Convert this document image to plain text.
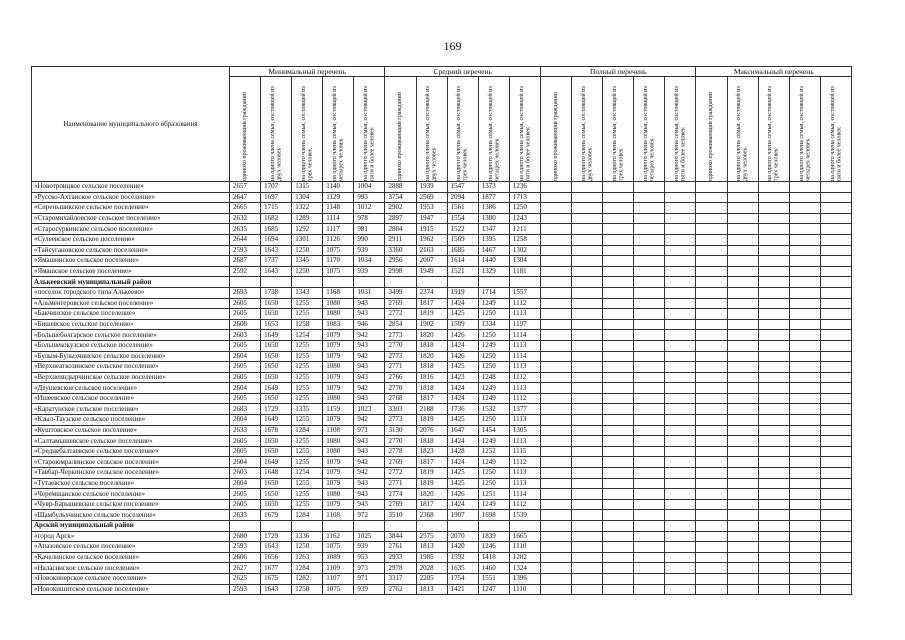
169
Наименование муниципального образования	Минимальный перечень					Средний перечень					Полный перечень					Максимальный перечень				

	одиноко проживающий гражданин	на одного члена семьи, состоящей из двух человек	на одного члена семьи, состоящей из трех человек	на одного члена семьи, состоящей из четырех человек	на одного члена семьи, состоящей из пяти и более человек	одиноко проживающий гражданин	на одного члена семьи, состоящей из двух человек	на одного члена семьи, состоящей из трех человек	на одного члена семьи, состоящей из четырех человек	на одного члена семьи, состоящей из пяти и более человек	одиноко проживающий гражданин	на одного члена семьи, состоящей из двух человек	на одного члена семьи, состоящей из трех человек	на одного члена семьи, состоящей из четырех человек	на одного члена семьи, состоящей из пяти и более человек	одиноко проживающий гражданин	на одного члена семьи, состоящей из двух человек	на одного члена семьи, состоящей из трех человек	на одного члена семьи, состоящей из четырех человек	на одного члена семьи, состоящей из пяти и более человек

«Новотроицкое сельское поселение»	2657	1707	1315	1140	1004	2888	1939	1547	1373	1236										
«Русско-Ахтанское сельское поселение»	2647	1697	1304	1129	993	3754	2569	2094	1877	1713										
«Сиреньшикское сельское поселение»	2665	1715	1322	1148	1012	2902	1953	1561	1386	1250										
«Старомихайловское сельское поселение»	2632	1682	1289	1114	978	2897	1947	1554	1380	1243										
«Старосуркинское сельское поселение»	2635	1685	1292	1117	981	2864	1915	1522	1347	1211										
«Сулеевское сельское поселение»	2644	1694	1301	1126	990	2911	1962	1569	1395	1258										
«Тайсугановское сельское поселение»	2593	1643	1250	1075	939	3360	2163	1685	1467	1302										
«Ямашинское сельское поселение»	2687	1737	1345	1170	1034	2956	2007	1614	1440	1304										
«Ямашское сельское поселение»	2592	1643	1250	1075	939	2998	1949	1521	1329	1181										
Алькеевский муниципальный район																				
«поселок городского типа Алькеево»	2693	1738	1343	1168	1031	3499	2374	1919	1714	1557										
«Альменгеровское сельское поселение»	2605	1650	1255	1080	943	2769	1817	1424	1249	1112										
«Бакчинское сельское поселение»	2605	1650	1255	1080	943	2772	1819	1425	1250	1113										
«Бишевское сельское поселение»	2608	1653	1258	1083	946	2854	1902	1509	1334	1197										
«Большеболгарское сельское поселение»	2603	1649	1254	1079	942	2773	1820	1426	1250	1114										
«Большекокузское сельское поселение»	2605	1650	1255	1079	943	2770	1818	1424	1249	1113										
«Булым-Булыхчинское сельское поселение»	2604	1650	1255	1079	942	2773	1820	1426	1250	1114										
«Верхнеаткозинское сельское поселение»	2605	1650	1255	1080	943	2771	1818	1425	1250	1113										
«Верхнеиндырчинское сельское поселение»	2605	1650	1255	1079	943	2766	1816	1423	1248	1112										
«Деушевское сельское поселение»	2604	1649	1255	1079	942	2770	1818	1424	1249	1113										
«Ишеевское сельское поселение»	2605	1650	1255	1080	943	2768	1817	1424	1249	1112										
«Каратунское сельское поселение»	2683	1729	1335	1159	1023	3303	2188	1736	1532	1377										
«Кзыл-Таузское сельское поселение»	2604	1649	1255	1079	942	2773	1819	1425	1250	1113										
«Куштовское сельское поселение»	2633	1678	1284	1108	971	3130	2076	1647	1454	1305										
«Салтамышевское сельское поселение»	2605	1650	1255	1080	943	2770	1818	1424	1249	1113										
«Среднебалтаевское сельское поселение»	2605	1650	1255	1080	943	2778	1823	1428	1252	1115										
«Староюмралинское сельское поселение»	2604	1649	1255	1079	942	2769	1817	1424	1249	1112										
«Тавбар-Черкинское сельское поселение»	2603	1648	1254	1079	942	2772	1819	1425	1250	1113										
«Тутаевское сельское поселение»	2604	1650	1255	1079	943	2771	1819	1425	1250	1113										
«Черемшанское сельское поселение»	2605	1650	1255	1080	943	2774	1820	1426	1251	1114										
«Чувр-Барышевское сельское поселение»	2605	1650	1255	1079	943	2769	1817	1424	1249	1112										
«Шамбульхчинское сельское поселение»	2633	1679	1284	1108	972	3510	2368	1907	1698	1539										
Арский муниципальный район																				
«город Арск»	2680	1729	1336	1162	1025	3844	2575	2070	1839	1665										
«Апазовское сельское поселение»	2593	1643	1250	1075	939	2761	1813	1420	1246	1110										
«Качелинское сельское поселение»	2606	1656	1263	1089	953	2933	1985	1592	1418	1282										
«Наласинское сельское поселение»	2627	1677	1284	1109	973	2978	2028	1635	1460	1324										
«Новокинерское сельское поселение»	2625	1675	1282	1107	971	3317	2205	1754	1551	1396										
«Новокишитское сельское поселение»	2593	1643	1250	1075	939	2762	1813	1421	1247	1110										
